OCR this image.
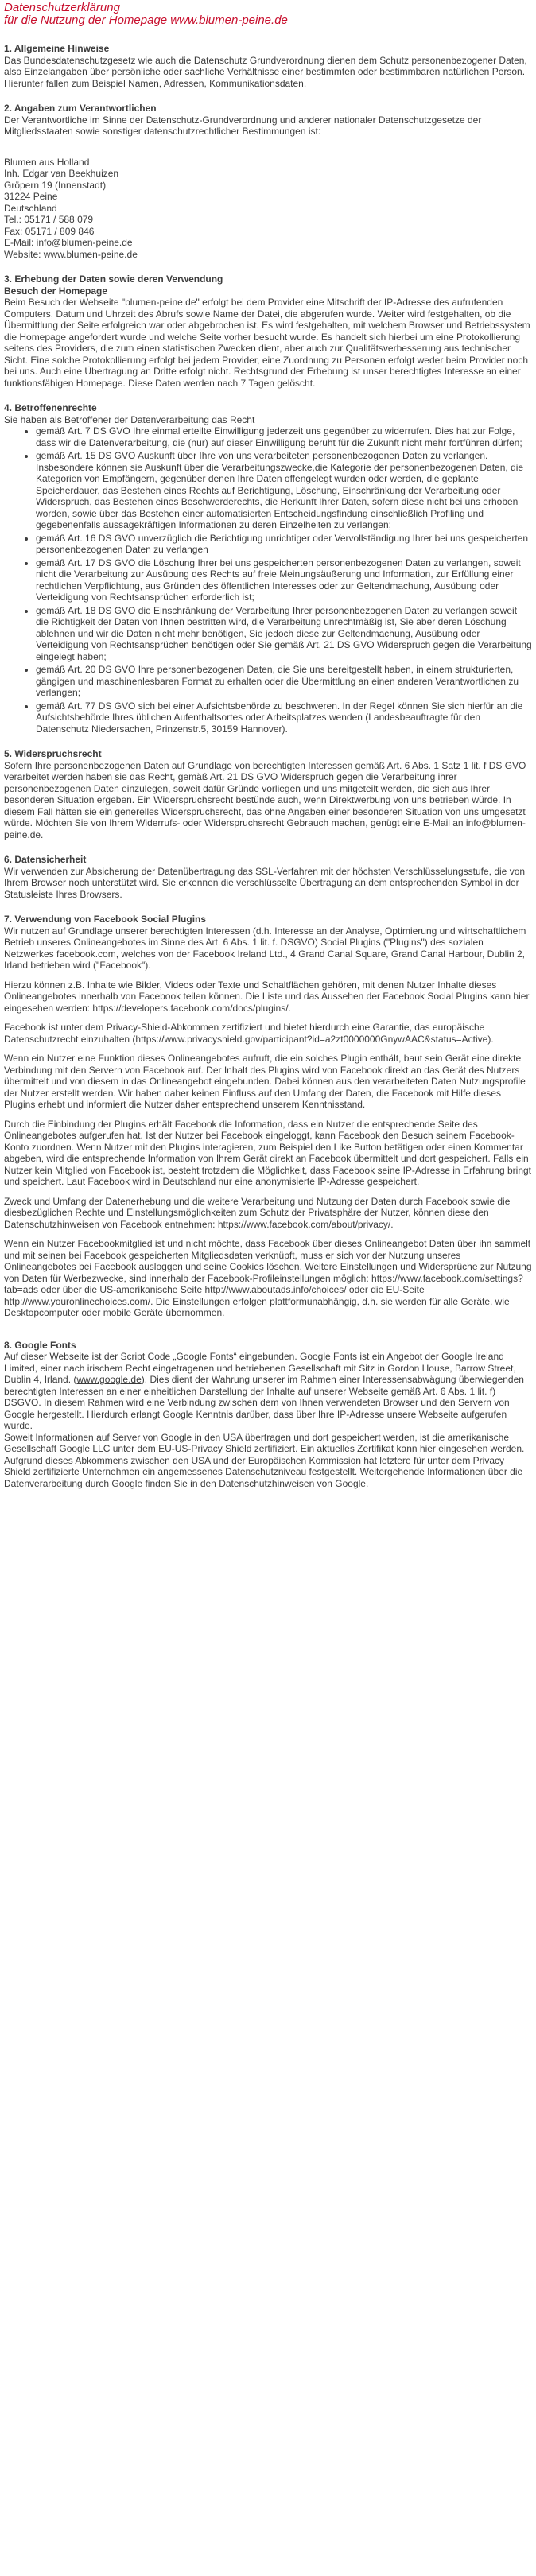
Datenschutzerklärung
für die Nutzung der Homepage www.blumen-peine.de
1. Allgemeine Hinweise

Das Bundesdatenschutzgesetz wie auch die Datenschutz Grundverordnung dienen dem Schutz personenbezogener Daten, also Einzelangaben über persönliche oder sachliche Verhältnisse einer bestimmten oder bestimmbaren natürlichen Person. Hierunter fallen zum Beispiel Namen, Adressen, Kommunikationsdaten.

2. Angaben zum Verantwortlichen

Der Verantwortliche im Sinne der Datenschutz-Grundverordnung und anderer nationaler Datenschutzgesetze der Mitgliedsstaaten sowie sonstiger datenschutzrechtlicher Bestimmungen ist:

Blumen aus Holland
Inh. Edgar van Beekhuizen
Gröpern 19 (Innenstadt)
31224 Peine
Deutschland
Tel.: 05171 / 588 079
Fax: 05171 / 809 846
E-Mail: info@blumen-peine.de
Website: www.blumen-peine.de

3. Erhebung der Daten sowie deren Verwendung
Besuch der Homepage

Beim Besuch der Webseite "blumen-peine.de" erfolgt bei dem Provider eine Mitschrift der IP-Adresse des aufrufenden Computers, Datum und Uhrzeit des Abrufs sowie Name der Datei, die abgerufen wurde. Weiter wird festgehalten, ob die Übermittlung der Seite erfolgreich war oder abgebrochen ist. Es wird festgehalten, mit welchem Browser und Betriebssystem die Homepage angefordert wurde und welche Seite vorher besucht wurde. Es handelt sich hierbei um eine Protokollierung seitens des Providers, die zum einen statistischen Zwecken dient, aber auch zur Qualitätsverbesserung aus technischer Sicht. Eine solche Protokollierung erfolgt bei jedem Provider, eine Zuordnung zu Personen erfolgt weder beim Provider noch bei uns. Auch eine Übertragung an Dritte erfolgt nicht. Rechtsgrund der Erhebung ist unser berechtigtes Interesse an einer funktionsfähigen Homepage. Diese Daten werden nach 7 Tagen gelöscht.

4. Betroffenenrechte

Sie haben als Betroffener der Datenverarbeitung das Recht

• gemäß Art. 7 DS GVO Ihre einmal erteilte Einwilligung jederzeit uns gegenüber zu widerrufen. Dies hat zur Folge, dass wir die Datenverarbeitung, die (nur) auf dieser Einwilligung beruht für die Zukunft nicht mehr fortführen dürfen;
• gemäß Art. 15 DS GVO Auskunft über Ihre von uns verarbeiteten personenbezogenen Daten zu verlangen. Insbesondere können sie Auskunft über die Verarbeitungszwecke,die Kategorie der personenbezogenen Daten, die Kategorien von Empfängern, gegenüber denen Ihre Daten offengelegt wurden oder werden, die geplante Speicherdauer, das Bestehen eines Rechts auf Berichtigung, Löschung, Einschränkung der Verarbeitung oder Widerspruch, das Bestehen eines Beschwerderechts, die Herkunft Ihrer Daten, sofern diese nicht bei uns erhoben worden, sowie über das Bestehen einer automatisierten Entscheidungsfindung einschließlich Profiling und gegebenenfalls aussagekräftigen Informationen zu deren Einzelheiten zu verlangen;
• gemäß Art. 16 DS GVO unverzüglich die Berichtigung unrichtiger oder Vervollständigung Ihrer bei uns gespeicherten personenbezogenen Daten zu verlangen
• gemäß Art. 17 DS GVO die Löschung Ihrer bei uns gespeicherten personenbezogenen Daten zu verlangen, soweit nicht die Verarbeitung zur Ausübung des Rechts auf freie Meinungsäußerung und Information, zur Erfüllung einer rechtlichen Verpflichtung, aus Gründen des öffentlichen Interesses oder zur Geltendmachung, Ausübung oder Verteidigung von Rechtsansprüchen erforderlich ist;
• gemäß Art. 18 DS GVO die Einschränkung der Verarbeitung Ihrer personenbezogenen Daten zu verlangen soweit die Richtigkeit der Daten von Ihnen bestritten wird, die Verarbeitung unrechtmäßig ist, Sie aber deren Löschung ablehnen und wir die Daten nicht mehr benötigen, Sie jedoch diese zur Geltendmachung, Ausübung oder Verteidigung von Rechtsansprüchen benötigen oder Sie gemäß Art. 21 DS GVO Widerspruch gegen die Verarbeitung eingelegt haben;
• gemäß Art. 20 DS GVO Ihre personenbezogenen Daten, die Sie uns bereitgestellt haben, in einem strukturierten, gängigen und maschinenlesbaren Format zu erhalten oder die Übermittlung an einen anderen Verantwortlichen zu verlangen;
• gemäß Art. 77 DS GVO sich bei einer Aufsichtsbehörde zu beschweren. In der Regel können Sie sich hierfür an die Aufsichtsbehörde Ihres üblichen Aufenthaltsortes oder Arbeitsplatzes wenden (Landesbeauftragte für den Datenschutz Niedersachen, Prinzenstr.5, 30159 Hannover).
5. Widerspruchsrecht

Sofern Ihre personenbezogenen Daten auf Grundlage von berechtigten Interessen gemäß Art. 6 Abs. 1 Satz 1 lit. f DS GVO verarbeitet werden haben sie das Recht, gemäß Art. 21 DS GVO Widerspruch gegen die Verarbeitung ihrer personenbezogenen Daten einzulegen, soweit dafür Gründe vorliegen und uns mitgeteilt werden, die sich aus Ihrer besonderen Situation ergeben. Ein Widerspruchsrecht bestünde auch, wenn Direktwerbung von uns betrieben würde. In diesem Fall hätten sie ein generelles Widerspruchsrecht, das ohne Angaben einer besonderen Situation von uns umgesetzt würde. Möchten Sie von Ihrem Widerrufs- oder Widerspruchsrecht Gebrauch machen, genügt eine E-Mail an info@blumen-peine.de.

6. Datensicherheit

Wir verwenden zur Absicherung der Datenübertragung das SSL-Verfahren mit der höchsten Verschlüsselungsstufe, die von Ihrem Browser noch unterstützt wird. Sie erkennen die verschlüsselte Übertragung an dem entsprechenden Symbol in der Statusleiste Ihres Browsers.

7. Verwendung von Facebook Social Plugins

Wir nutzen auf Grundlage unserer berechtigten Interessen (d.h. Interesse an der Analyse, Optimierung und wirtschaftlichem Betrieb unseres Onlineangebotes im Sinne des Art. 6 Abs. 1 lit. f. DSGVO) Social Plugins ("Plugins") des sozialen Netzwerkes facebook.com, welches von der Facebook Ireland Ltd., 4 Grand Canal Square, Grand Canal Harbour, Dublin 2, Irland betrieben wird ("Facebook").

Hierzu können z.B. Inhalte wie Bilder, Videos oder Texte und Schaltflächen gehören, mit denen Nutzer Inhalte dieses Onlineangebotes innerhalb von Facebook teilen können. Die Liste und das Aussehen der Facebook Social Plugins kann hier eingesehen werden: https://developers.facebook.com/docs/plugins/.

Facebook ist unter dem Privacy-Shield-Abkommen zertifiziert und bietet hierdurch eine Garantie, das europäische Datenschutzrecht einzuhalten (https://www.privacyshield.gov/participant?id=a2zt0000000GnywAAC&status=Active).

Wenn ein Nutzer eine Funktion dieses Onlineangebotes aufruft, die ein solches Plugin enthält, baut sein Gerät eine direkte Verbindung mit den Servern von Facebook auf. Der Inhalt des Plugins wird von Facebook direkt an das Gerät des Nutzers übermittelt und von diesem in das Onlineangebot eingebunden. Dabei können aus den verarbeiteten Daten Nutzungsprofile der Nutzer erstellt werden. Wir haben daher keinen Einfluss auf den Umfang der Daten, die Facebook mit Hilfe dieses Plugins erhebt und informiert die Nutzer daher entsprechend unserem Kenntnisstand.

Durch die Einbindung der Plugins erhält Facebook die Information, dass ein Nutzer die entsprechende Seite des Onlineangebotes aufgerufen hat. Ist der Nutzer bei Facebook eingeloggt, kann Facebook den Besuch seinem Facebook-Konto zuordnen. Wenn Nutzer mit den Plugins interagieren, zum Beispiel den Like Button betätigen oder einen Kommentar abgeben, wird die entsprechende Information von Ihrem Gerät direkt an Facebook übermittelt und dort gespeichert. Falls ein Nutzer kein Mitglied von Facebook ist, besteht trotzdem die Möglichkeit, dass Facebook seine IP-Adresse in Erfahrung bringt und speichert. Laut Facebook wird in Deutschland nur eine anonymisierte IP-Adresse gespeichert.

Zweck und Umfang der Datenerhebung und die weitere Verarbeitung und Nutzung der Daten durch Facebook sowie die diesbezüglichen Rechte und Einstellungsmöglichkeiten zum Schutz der Privatsphäre der Nutzer, können diese den Datenschutzhinweisen von Facebook entnehmen: https://www.facebook.com/about/privacy/.

Wenn ein Nutzer Facebookmitglied ist und nicht möchte, dass Facebook über dieses Onlineangebot Daten über ihn sammelt und mit seinen bei Facebook gespeicherten Mitgliedsdaten verknüpft, muss er sich vor der Nutzung unseres Onlineangebotes bei Facebook ausloggen und seine Cookies löschen. Weitere Einstellungen und Widersprüche zur Nutzung von Daten für Werbezwecke, sind innerhalb der Facebook-Profileinstellungen möglich: https://www.facebook.com/settings?tab=ads oder über die US-amerikanische Seite http://www.aboutads.info/choices/ oder die EU-Seite http://www.youronlinechoices.com/. Die Einstellungen erfolgen plattformunabhängig, d.h. sie werden für alle Geräte, wie Desktopcomputer oder mobile Geräte übernommen.

8. Google Fonts

Auf dieser Webseite ist der Script Code „Google Fonts“ eingebunden. Google Fonts ist ein Angebot der Google Ireland Limited, einer nach irischem Recht eingetragenen und betriebenen Gesellschaft mit Sitz in Gordon House, Barrow Street, Dublin 4, Irland. (www.google.de). Dies dient der Wahrung unserer im Rahmen einer Interessensabwägung überwiegenden berechtigten Interessen an einer einheitlichen Darstellung der Inhalte auf unserer Webseite gemäß Art. 6 Abs. 1 lit. f) DSGVO. In diesem Rahmen wird eine Verbindung zwischen dem von Ihnen verwendeten Browser und den Servern von Google hergestellt. Hierdurch erlangt Google Kenntnis darüber, dass über Ihre IP-Adresse unsere Webseite aufgerufen wurde.

Soweit Informationen auf Server von Google in den USA übertragen und dort gespeichert werden, ist die amerikanische Gesellschaft Google LLC unter dem EU-US-Privacy Shield zertifiziert. Ein aktuelles Zertifikat kann hier eingesehen werden. Aufgrund dieses Abkommens zwischen den USA und der Europäischen Kommission hat letztere für unter dem Privacy Shield zertifizierte Unternehmen ein angemessenes Datenschutzniveau festgestellt. Weitergehende Informationen über die Datenverarbeitung durch Google finden Sie in den Datenschutzhinweisen von Google.
